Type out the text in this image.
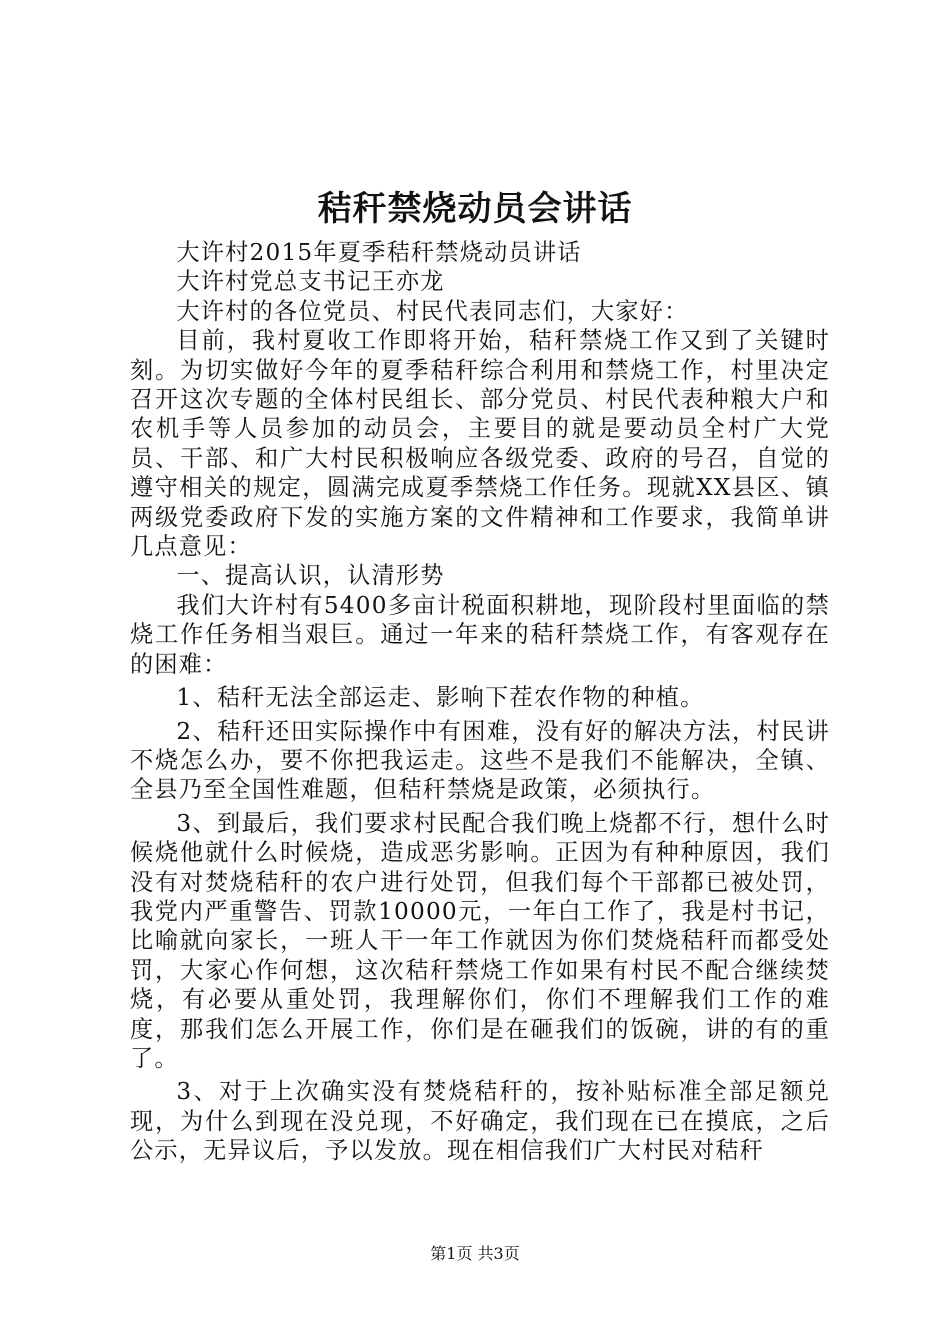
秸秆禁烧动员会讲话

大许村2015年夏季秸秆禁烧动员讲话

大许村党总支书记王亦龙

大许村的各位党员、村民代表同志们，大家好：

目前，我村夏收工作即将开始，秸秆禁烧工作又到了关键时刻。为切实做好今年的夏季秸秆综合利用和禁烧工作，村里决定召开这次专题的全体村民组长、部分党员、村民代表种粮大户和农机手等人员参加的动员会，主要目的就是要动员全村广大党员、干部、和广大村民积极响应各级党委、政府的号召，自觉的遵守相关的规定，圆满完成夏季禁烧工作任务。现就XX县区、镇两级党委政府下发的实施方案的文件精神和工作要求，我简单讲几点意见：

一、提高认识，认清形势

我们大许村有5400多亩计税面积耕地，现阶段村里面临的禁烧工作任务相当艰巨。通过一年来的秸秆禁烧工作，有客观存在的困难：

1、秸秆无法全部运走、影响下茬农作物的种植。

2、秸秆还田实际操作中有困难，没有好的解决方法，村民讲不烧怎么办，要不你把我运走。这些不是我们不能解决，全镇、全县乃至全国性难题，但秸秆禁烧是政策，必须执行。

3、到最后，我们要求村民配合我们晚上烧都不行，想什么时候烧他就什么时候烧，造成恶劣影响。正因为有种种原因，我们没有对焚烧秸秆的农户进行处罚，但我们每个干部都已被处罚，我党内严重警告、罚款10000元，一年白工作了，我是村书记，比喻就向家长，一班人干一年工作就因为你们焚烧秸秆而都受处罚，大家心作何想，这次秸秆禁烧工作如果有村民不配合继续焚烧，有必要从重处罚，我理解你们，你们不理解我们工作的难度，那我们怎么开展工作，你们是在砸我们的饭碗，讲的有的重了。

3、对于上次确实没有焚烧秸秆的，按补贴标准全部足额兑现，为什么到现在没兑现，不好确定，我们现在已在摸底，之后公示，无异议后，予以发放。现在相信我们广大村民对秸秆

第1页 共3页
